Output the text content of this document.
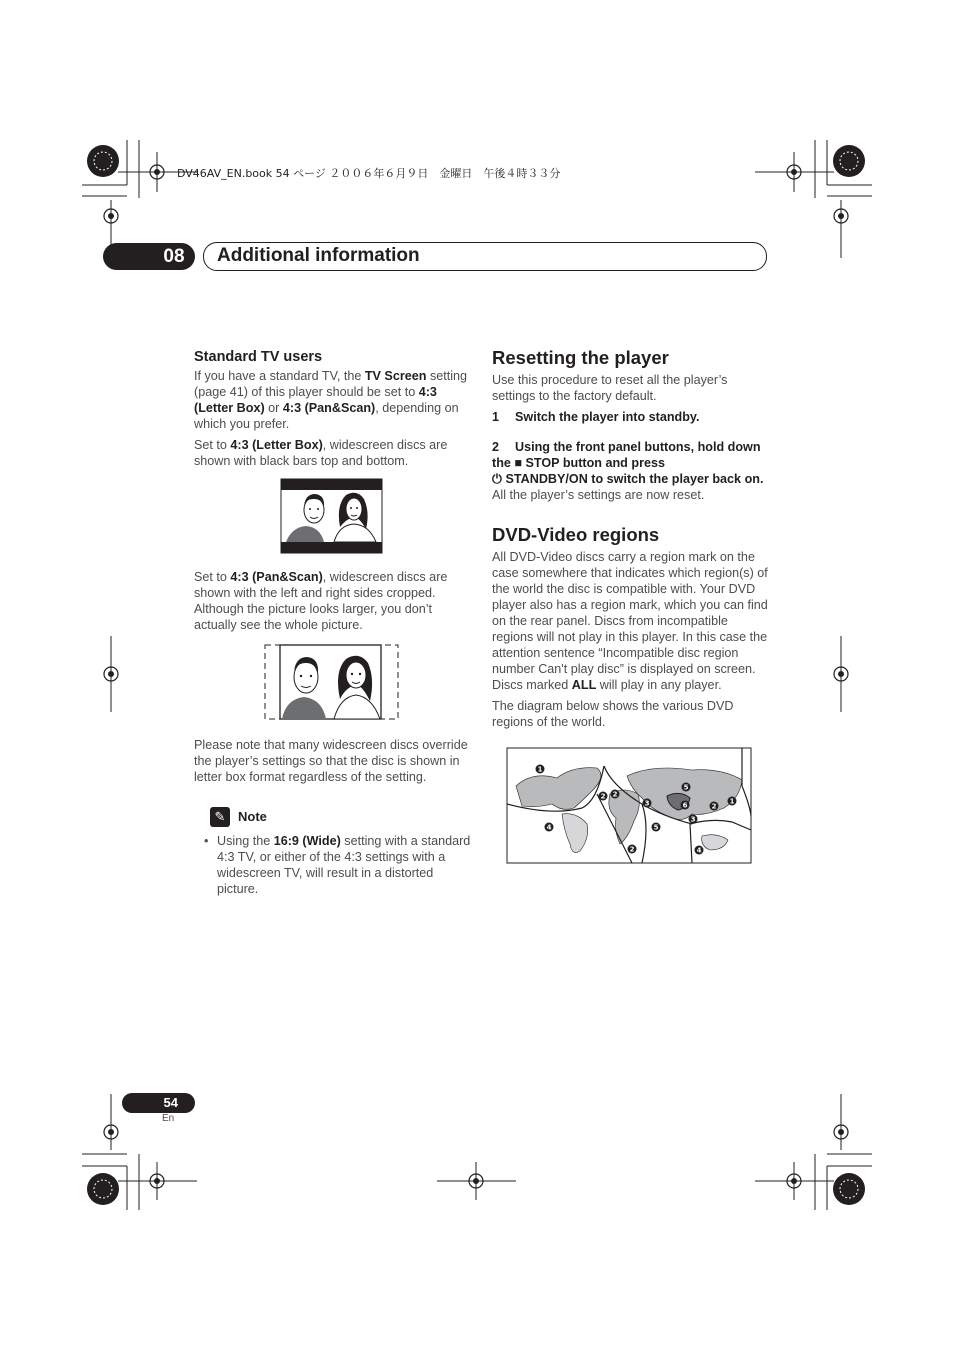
DV46AV_EN.book 54 ページ ２００６年６月９日　金曜日　午後４時３３分
08	Additional information
Standard TV users

If you have a standard TV, the TV Screen setting (page 41) of this player should be set to 4:3 (Letter Box) or 4:3 (Pan&Scan), depending on which you prefer.

Set to 4:3 (Letter Box), widescreen discs are shown with black bars top and bottom.

Set to 4:3 (Pan&Scan), widescreen discs are shown with the left and right sides cropped. Although the picture looks larger, you don’t actually see the whole picture.

Please note that many widescreen discs override the player’s settings so that the disc is shown in letter box format regardless of the setting.

✎ Note
• Using the 16:9 (Wide) setting with a standard 4:3 TV, or either of the 4:3 settings with a widescreen TV, will result in a distorted picture.
Resetting the player

Use this procedure to reset all the player’s settings to the factory default.

1 Switch the player into standby.

2 Using the front panel buttons, hold down the ■ STOP button and press
⏻ STANDBY/ON to switch the player back on.

All the player’s settings are now reset.

DVD-Video regions

All DVD-Video discs carry a region mark on the case somewhere that indicates which region(s) of the world the disc is compatible with. Your DVD player also has a region mark, which you can find on the rear panel. Discs from incompatible regions will not play in this player. In this case the attention sentence “Incompatible disc region number Can't play disc” is displayed on screen. Discs marked ALL will play in any player.

The diagram below shows the various DVD regions of the world.

1
2 2
3
4
5
2
6	1
3
5
2	4
54
En
